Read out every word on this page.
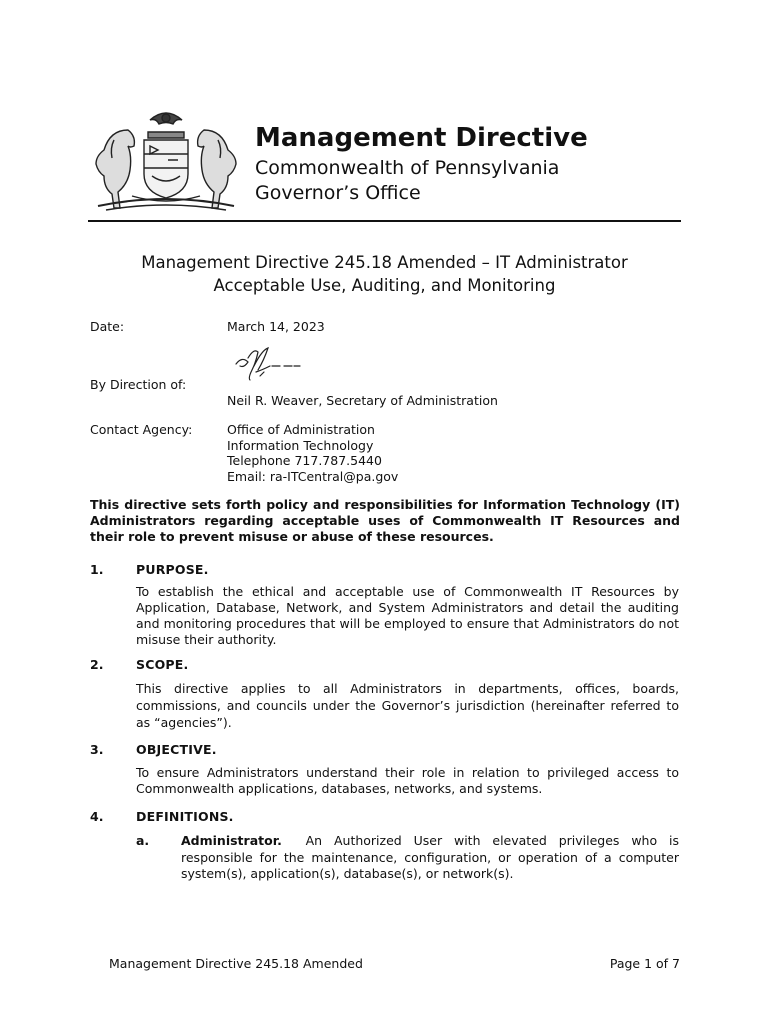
Management Directive
Commonwealth of Pennsylvania
Governor’s Office
Management Directive 245.18 Amended – IT Administrator
Acceptable Use, Auditing, and Monitoring
Date:	March 14, 2023
By Direction of:
Neil R. Weaver, Secretary of Administration
Contact Agency:	Office of Administration
Information Technology
Telephone 717.787.5440
Email: ra-ITCentral@pa.gov
This directive sets forth policy and responsibilities for Information Technology (IT) Administrators regarding acceptable uses of Commonwealth IT Resources and their role to prevent misuse or abuse of these resources.
1.	PURPOSE.
To establish the ethical and acceptable use of Commonwealth IT Resources by Application, Database, Network, and System Administrators and detail the auditing and monitoring procedures that will be employed to ensure that Administrators do not misuse their authority.
2.	SCOPE.
This directive applies to all Administrators in departments, offices, boards, commissions, and councils under the Governor’s jurisdiction (hereinafter referred to as “agencies”).
3.	OBJECTIVE.
To ensure Administrators understand their role in relation to privileged access to Commonwealth applications, databases, networks, and systems.
4.	DEFINITIONS.
a.	Administrator. An Authorized User with elevated privileges who is responsible for the maintenance, configuration, or operation of a computer system(s), application(s), database(s), or network(s).
Management Directive 245.18 Amended	Page 1 of 7
